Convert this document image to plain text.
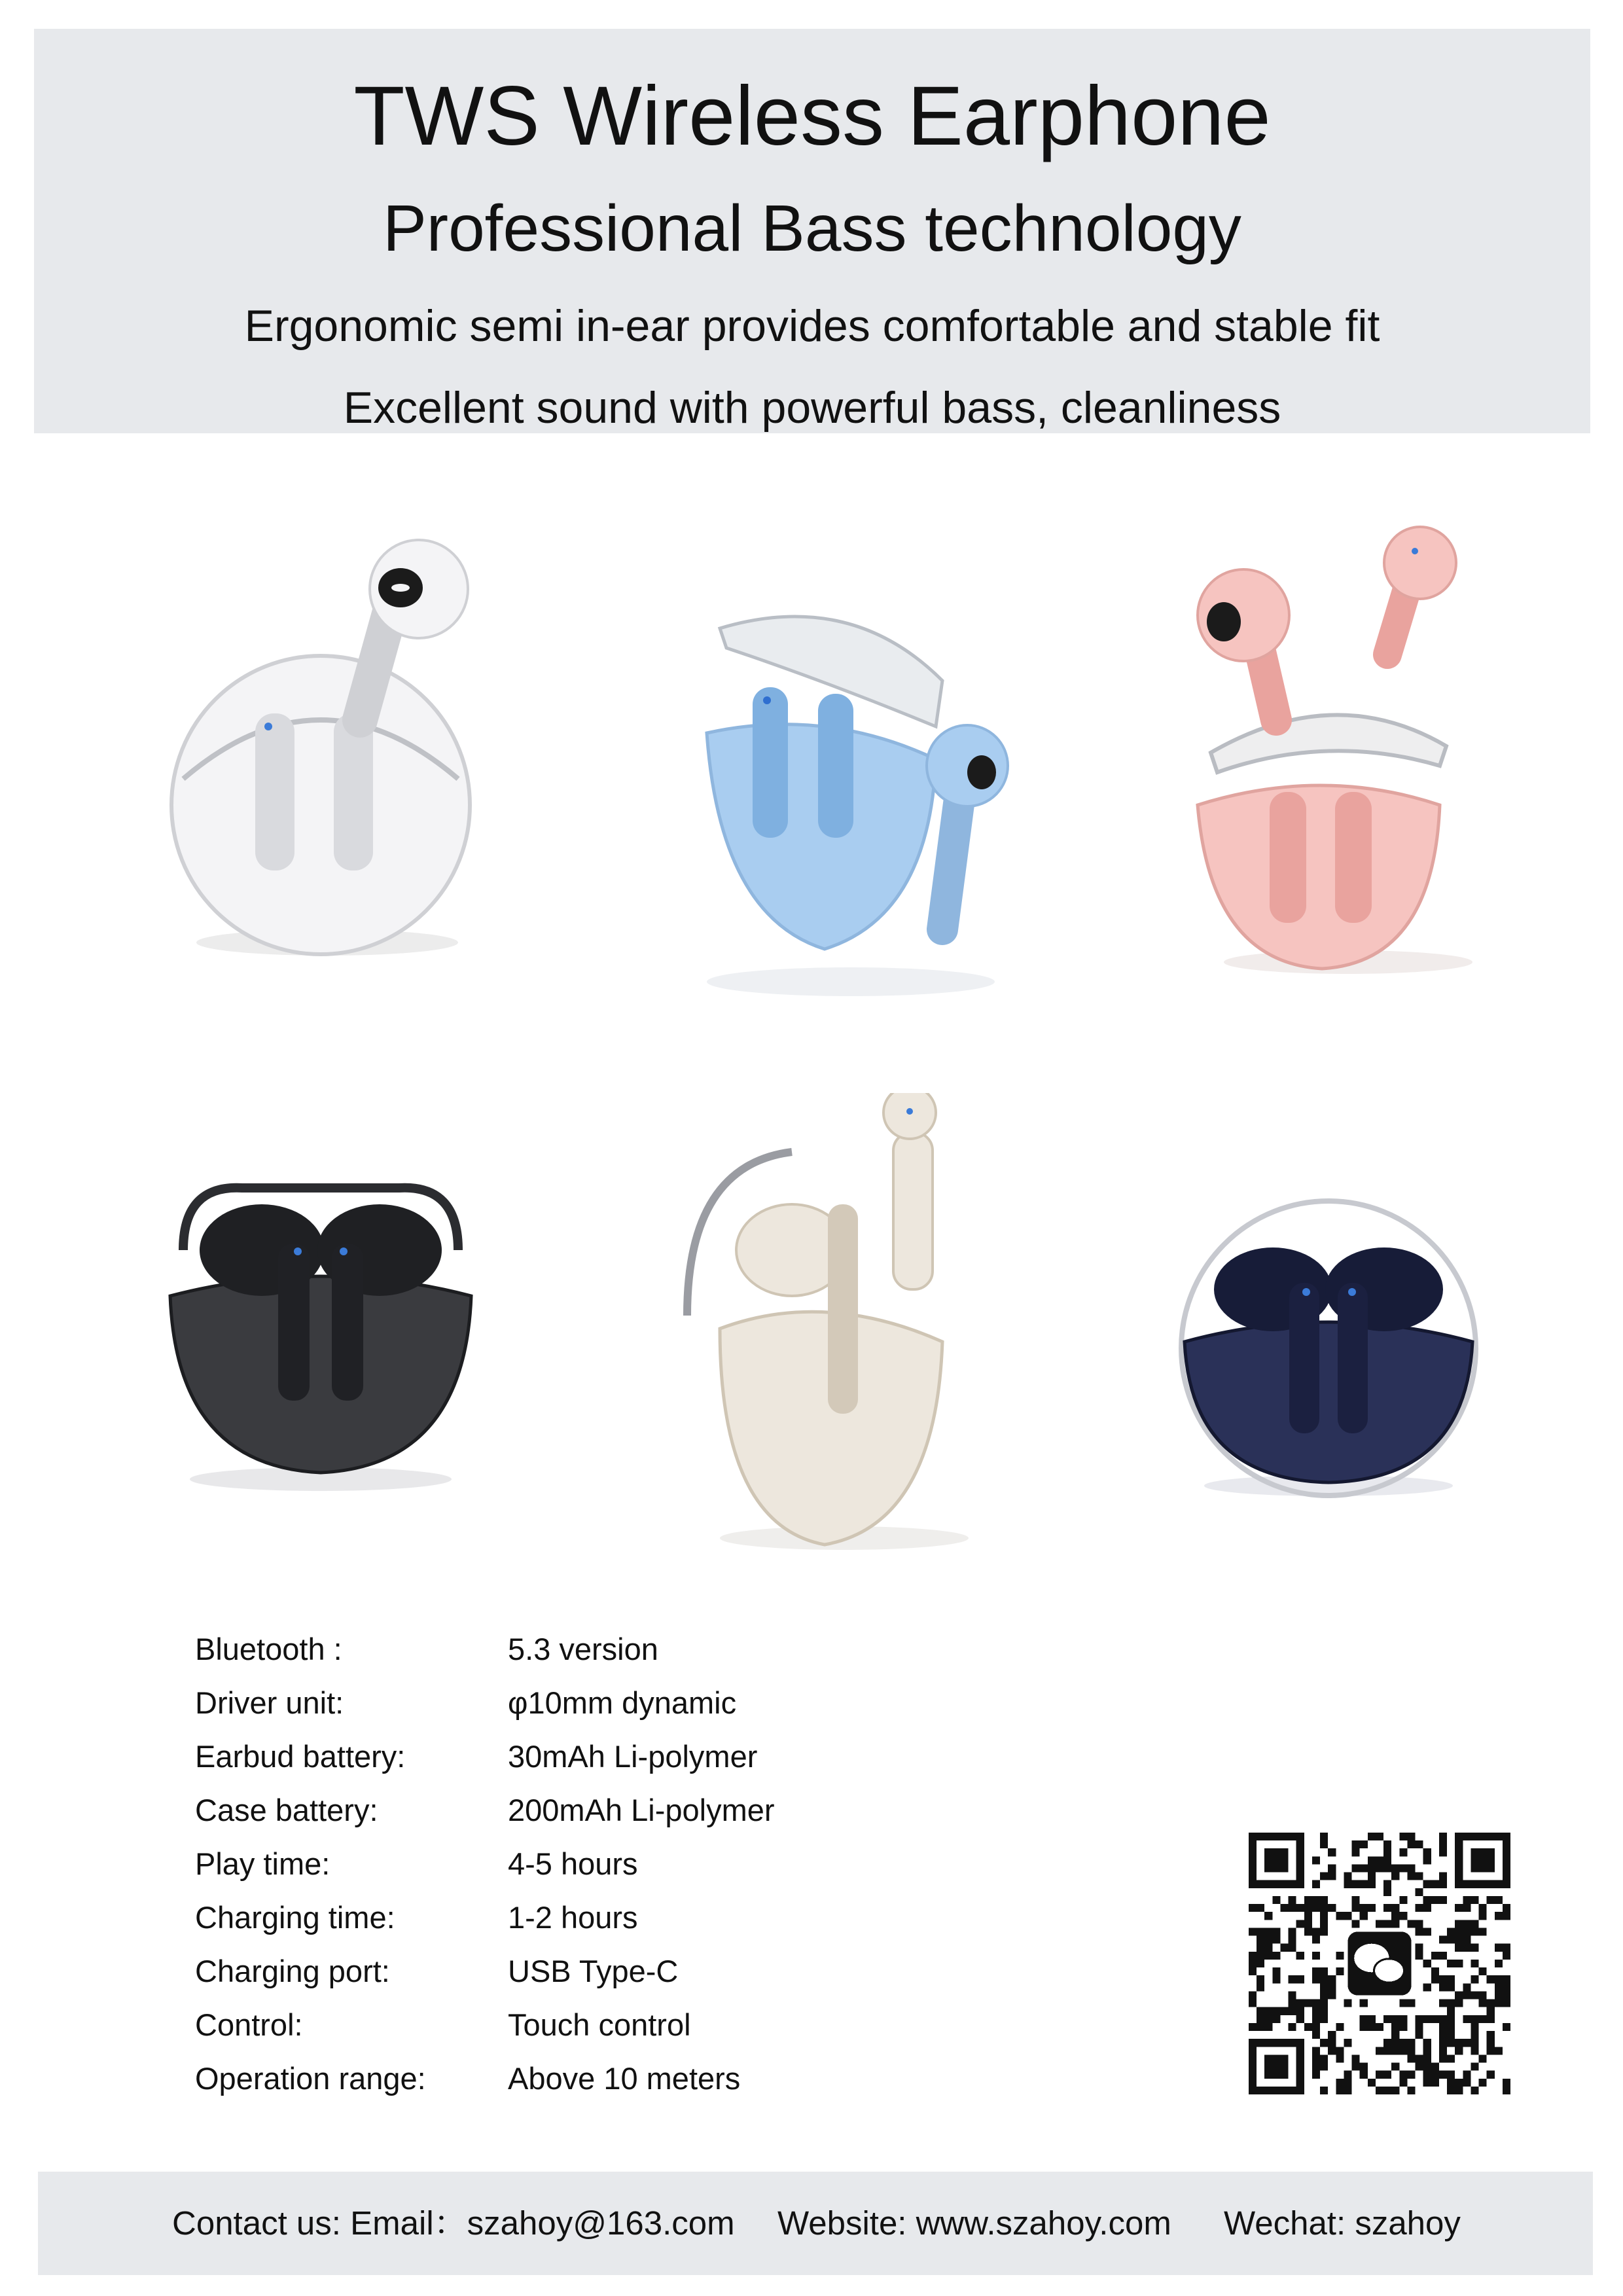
TWS Wireless Earphone
Professional Bass technology
Ergonomic semi in-ear provides comfortable and stable fit
Excellent sound with powerful bass, cleanliness
Bluetooth :	5.3 version
Driver unit:	φ10mm dynamic
Earbud battery:	30mAh Li-polymer
Case battery:	200mAh Li-polymer
Play time:	4-5 hours
Charging time:	1-2 hours
Charging port:	USB Type-C
Control:	Touch control
Operation range:	Above 10 meters
Contact us: Email：szahoy@163.com Website: www.szahoy.com Wechat: szahoy
